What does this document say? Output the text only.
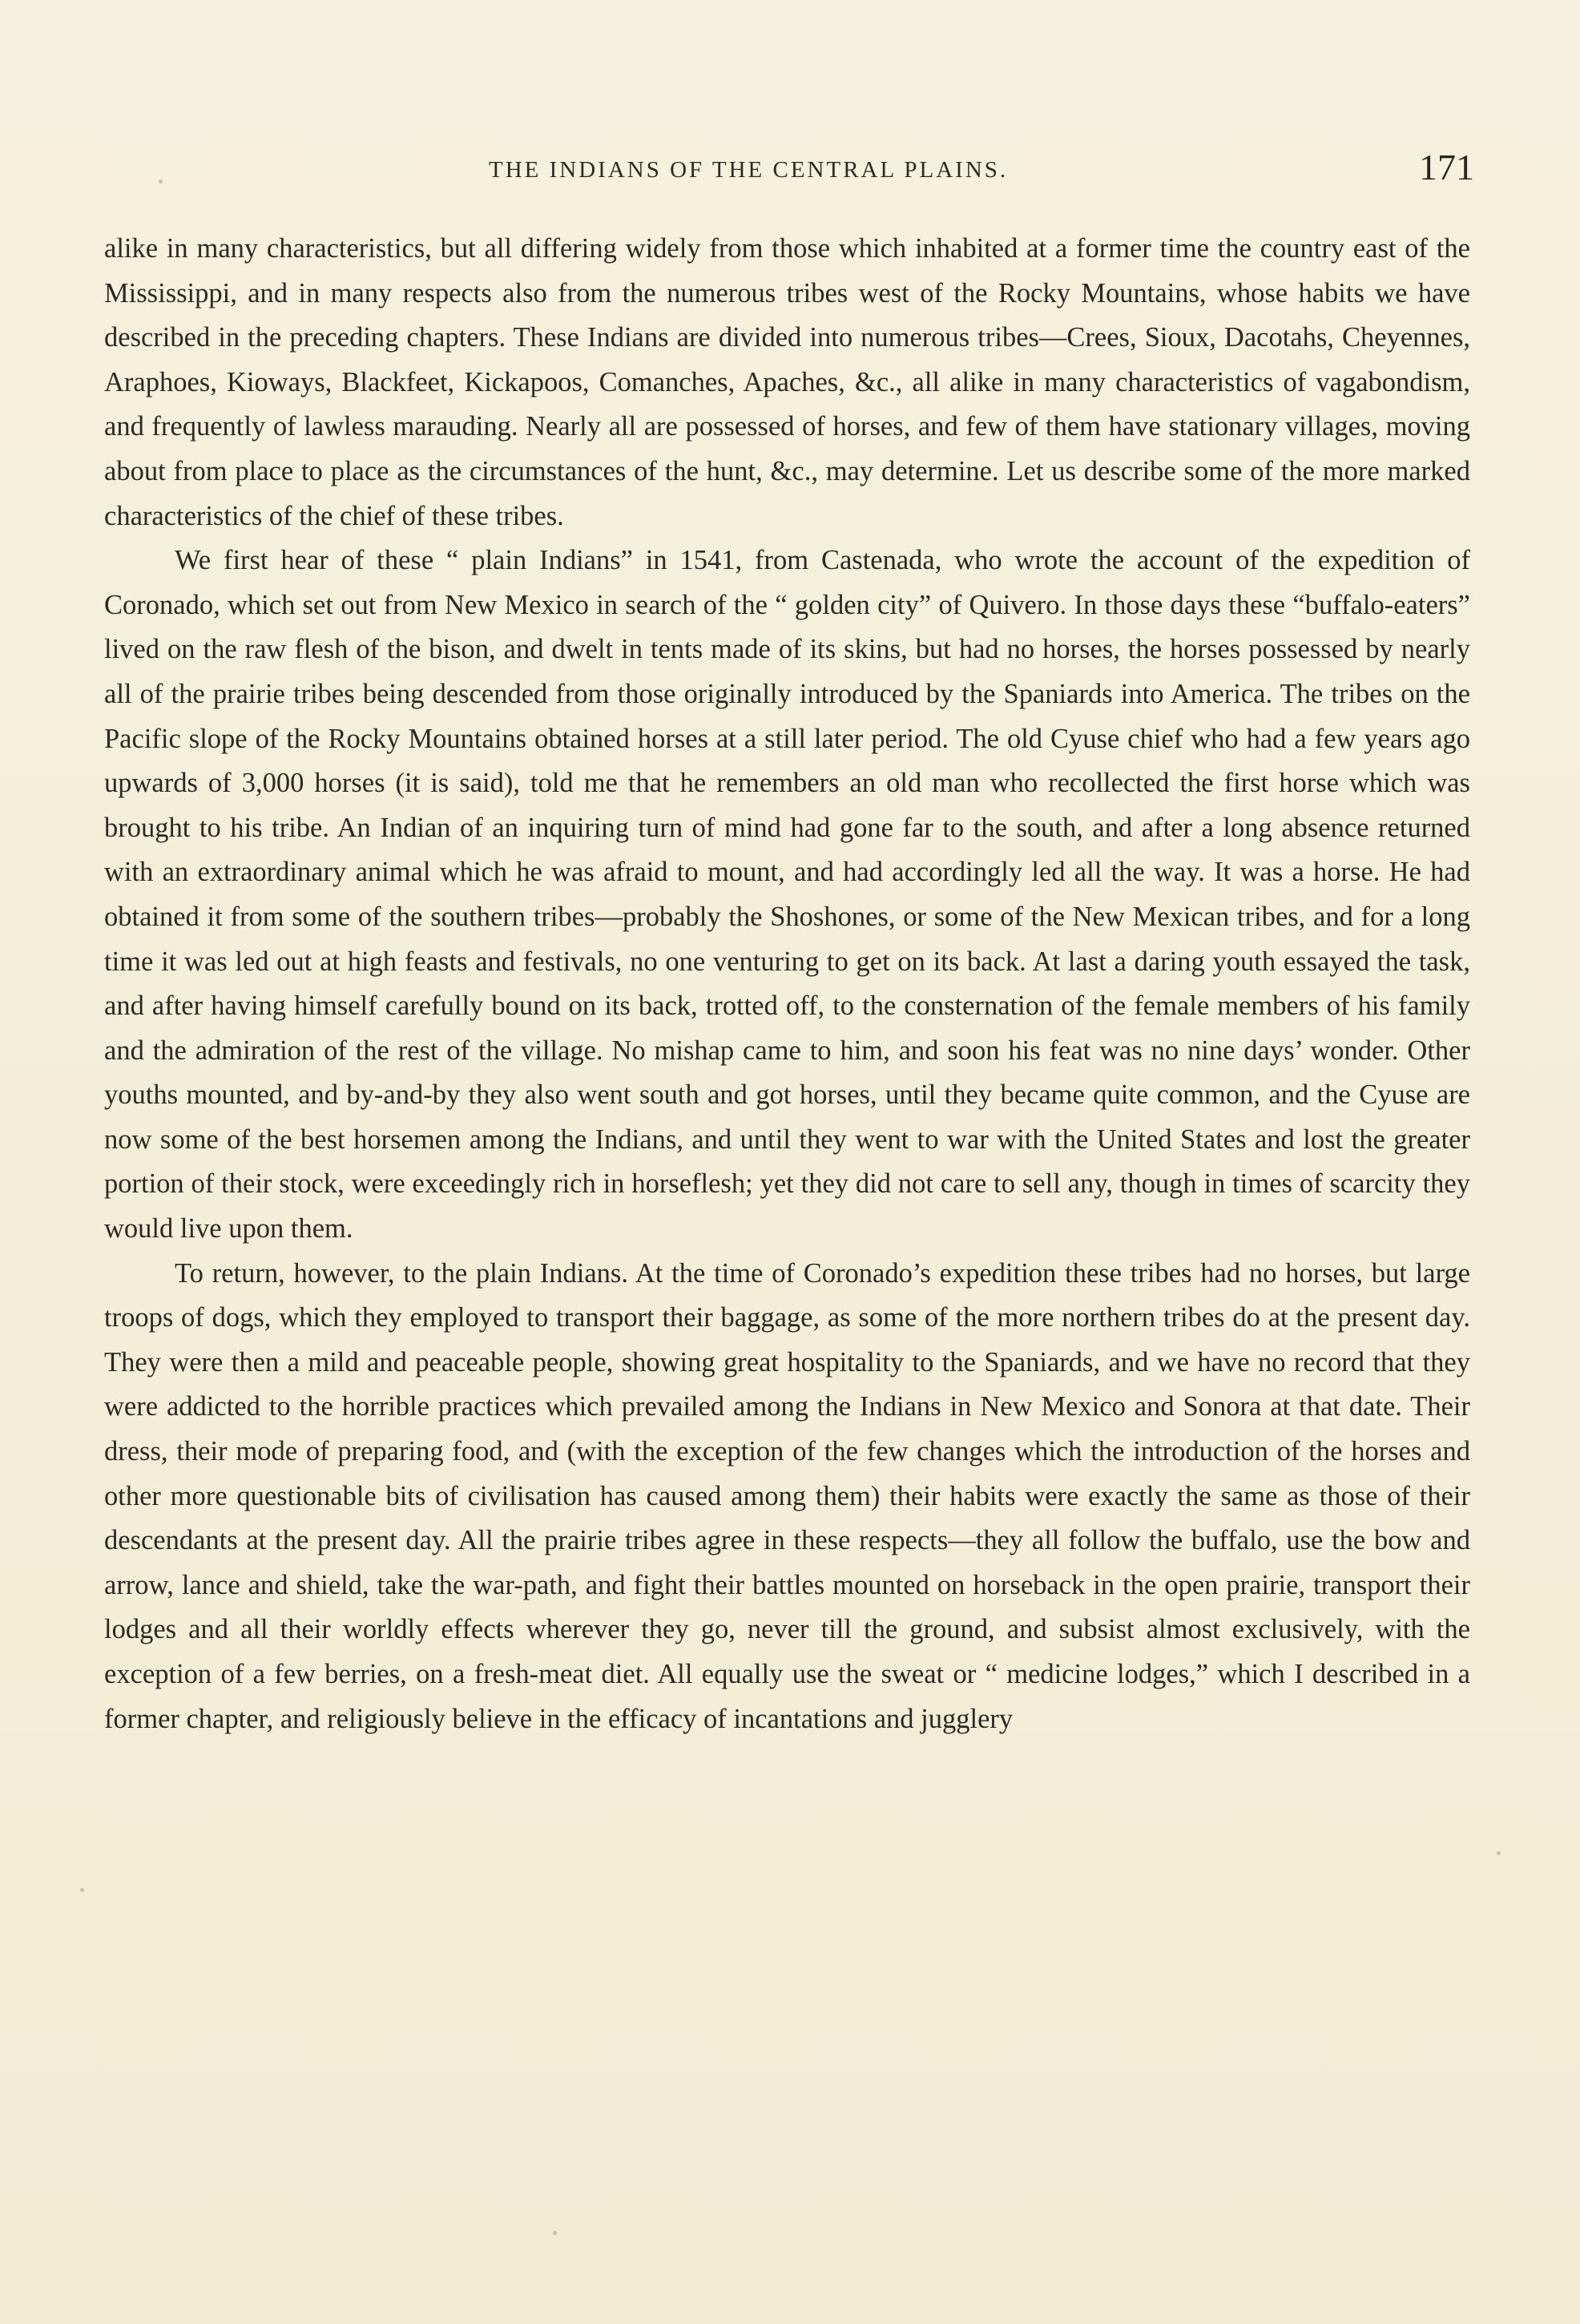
THE INDIANS OF THE CENTRAL PLAINS.	171

alike in many characteristics, but all differing widely from those which inhabited at a former time the country east of the Mississippi, and in many respects also from the numerous tribes west of the Rocky Mountains, whose habits we have described in the preceding chapters. These Indians are divided into numerous tribes—Crees, Sioux, Dacotahs, Cheyennes, Araphoes, Kioways, Blackfeet, Kickapoos, Comanches, Apaches, &c., all alike in many characteristics of vagabondism, and frequently of lawless marauding. Nearly all are possessed of horses, and few of them have stationary villages, moving about from place to place as the circumstances of the hunt, &c., may determine. Let us describe some of the more marked characteristics of the chief of these tribes.

We first hear of these “ plain Indians” in 1541, from Castenada, who wrote the account of the expedition of Coronado, which set out from New Mexico in search of the “ golden city” of Quivero. In those days these “buffalo-eaters” lived on the raw flesh of the bison, and dwelt in tents made of its skins, but had no horses, the horses possessed by nearly all of the prairie tribes being descended from those originally introduced by the Spaniards into America. The tribes on the Pacific slope of the Rocky Mountains obtained horses at a still later period. The old Cyuse chief who had a few years ago upwards of 3,000 horses (it is said), told me that he remembers an old man who recollected the first horse which was brought to his tribe. An Indian of an inquiring turn of mind had gone far to the south, and after a long absence returned with an extraordinary animal which he was afraid to mount, and had accordingly led all the way. It was a horse. He had obtained it from some of the southern tribes—probably the Shoshones, or some of the New Mexican tribes, and for a long time it was led out at high feasts and festivals, no one venturing to get on its back. At last a daring youth essayed the task, and after having himself carefully bound on its back, trotted off, to the consternation of the female members of his family and the admiration of the rest of the village. No mishap came to him, and soon his feat was no nine days’ wonder. Other youths mounted, and by-and-by they also went south and got horses, until they became quite common, and the Cyuse are now some of the best horsemen among the Indians, and until they went to war with the United States and lost the greater portion of their stock, were exceedingly rich in horseflesh; yet they did not care to sell any, though in times of scarcity they would live upon them.

To return, however, to the plain Indians. At the time of Coronado’s expedition these tribes had no horses, but large troops of dogs, which they employed to transport their baggage, as some of the more northern tribes do at the present day. They were then a mild and peaceable people, showing great hospitality to the Spaniards, and we have no record that they were addicted to the horrible practices which prevailed among the Indians in New Mexico and Sonora at that date. Their dress, their mode of preparing food, and (with the exception of the few changes which the introduction of the horses and other more questionable bits of civilisation has caused among them) their habits were exactly the same as those of their descendants at the present day. All the prairie tribes agree in these respects—they all follow the buffalo, use the bow and arrow, lance and shield, take the war-path, and fight their battles mounted on horseback in the open prairie, transport their lodges and all their worldly effects wherever they go, never till the ground, and subsist almost exclusively, with the exception of a few berries, on a fresh-meat diet. All equally use the sweat or “ medicine lodges,” which I described in a former chapter, and religiously believe in the efficacy of incantations and jugglery
